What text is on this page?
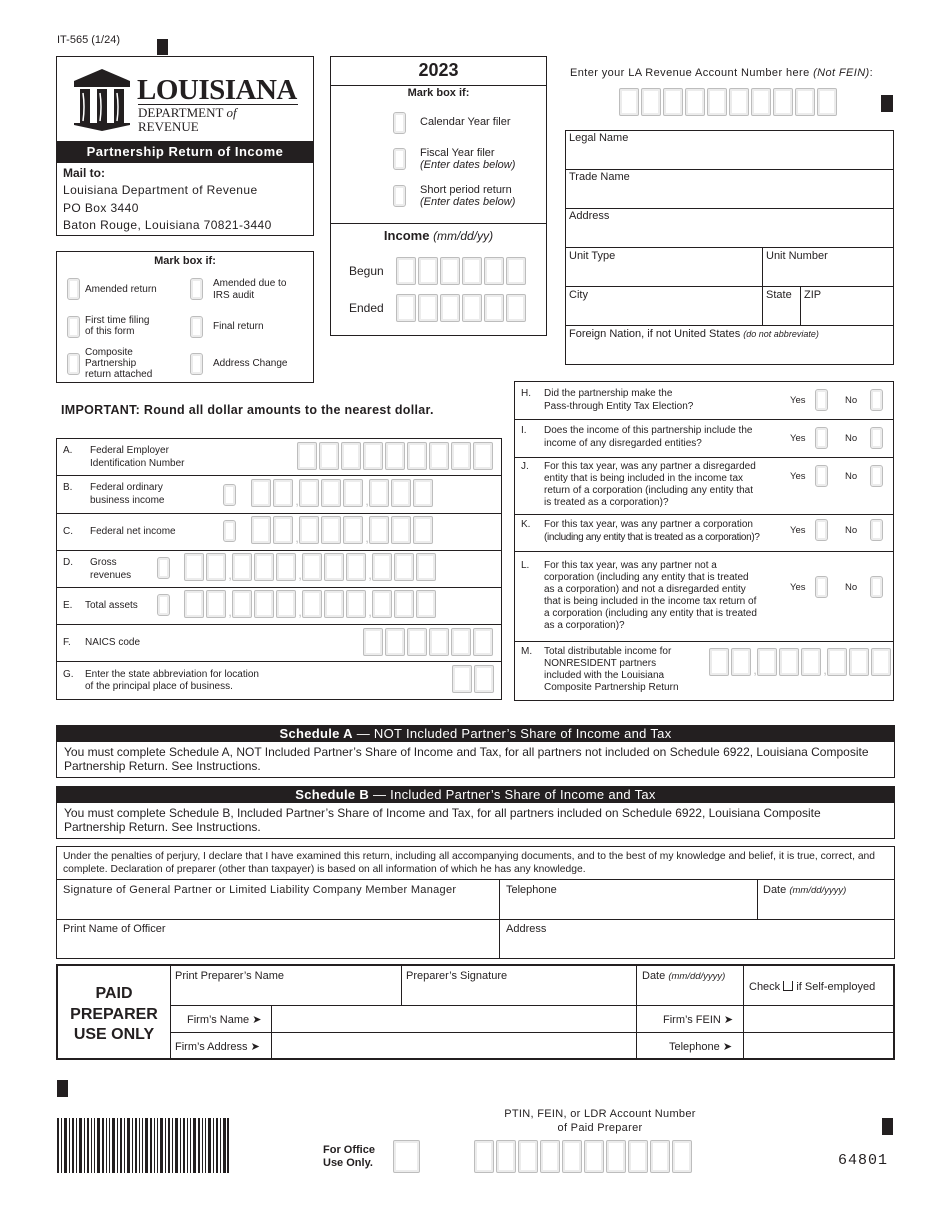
IT-565 (1/24)
LOUISIANA
DEPARTMENT of REVENUE
Partnership Return of Income
Mail to:
Louisiana Department of Revenue
PO Box 3440
Baton Rouge, Louisiana 70821-3440
2023
Mark box if:
Calendar Year filer
Fiscal Year filer
(Enter dates below)
Short period return
(Enter dates below)
Income (mm/dd/yy)
Begun
Ended
Enter your LA Revenue Account Number here (Not FEIN):
Legal Name
Trade Name
Address
Unit Type	Unit Number
City	State ZIP
Foreign Nation, if not United States (do not abbreviate)
Mark box if:
Amended return
Amended due to
IRS audit
First time filing
of this form	Final return
Composite
Partnership
return attached
Address Change
IMPORTANT: Round all dollar amounts to the nearest dollar.
A. Federal Employer
Identification Number
B. Federal ordinary
business income	,	,
C. Federal net income	,	,
D. Gross
revenues	,	,	,
E. Total assets	,	,	,
F. NAICS code
G. Enter the state abbreviation for location
of the principal place of business.
H. Did the partnership make the
Pass-through Entity Tax Election?
Yes	No
I. Does the income of this partnership include the
income of any disregarded entities?	Yes	No
J. For this tax year, was any partner a disregarded
entity that is being included in the income tax
return of a corporation (including any entity that
is treated as a corporation)?
Yes	No
K. For this tax year, was any partner a corporation
(including any entity that is treated as a corporation)?
Yes	No
L. For this tax year, was any partner not a
corporation (including any entity that is treated
as a corporation) and not a disregarded entity
that is being included in the income tax return of
a corporation (including any entity that is treated
as a corporation)?
Yes	No
M. Total distributable income for
NONRESIDENT partners
included with the Louisiana
Composite Partnership Return
,	,
Schedule A — NOT Included Partner’s Share of Income and Tax
You must complete Schedule A, NOT Included Partner’s Share of Income and Tax, for all partners not included on Schedule 6922, Louisiana Composite Partnership Return. See Instructions.
Schedule B — Included Partner’s Share of Income and Tax
You must complete Schedule B, Included Partner’s Share of Income and Tax, for all partners included on Schedule 6922, Louisiana Composite Partnership Return. See Instructions.
Under the penalties of perjury, I declare that I have examined this return, including all accompanying documents, and to the best of my knowledge and belief, it is true, correct, and complete. Declaration of preparer (other than taxpayer) is based on all information of which he has any knowledge.
Signature of General Partner or Limited Liability Company Member Manager	Telephone	Date (mm/dd/yyyy)
Print Name of Officer	Address
PAID
PREPARER
USE ONLY
Print Preparer’s Name	Preparer’s Signature	Date (mm/dd/yyyy)
Check if Self-employed
Firm’s Name ➤	Firm’s FEIN ➤
Firm’s Address ➤	Telephone ➤
For Office
Use Only.
PTIN, FEIN, or LDR Account Number
of Paid Preparer
64801
